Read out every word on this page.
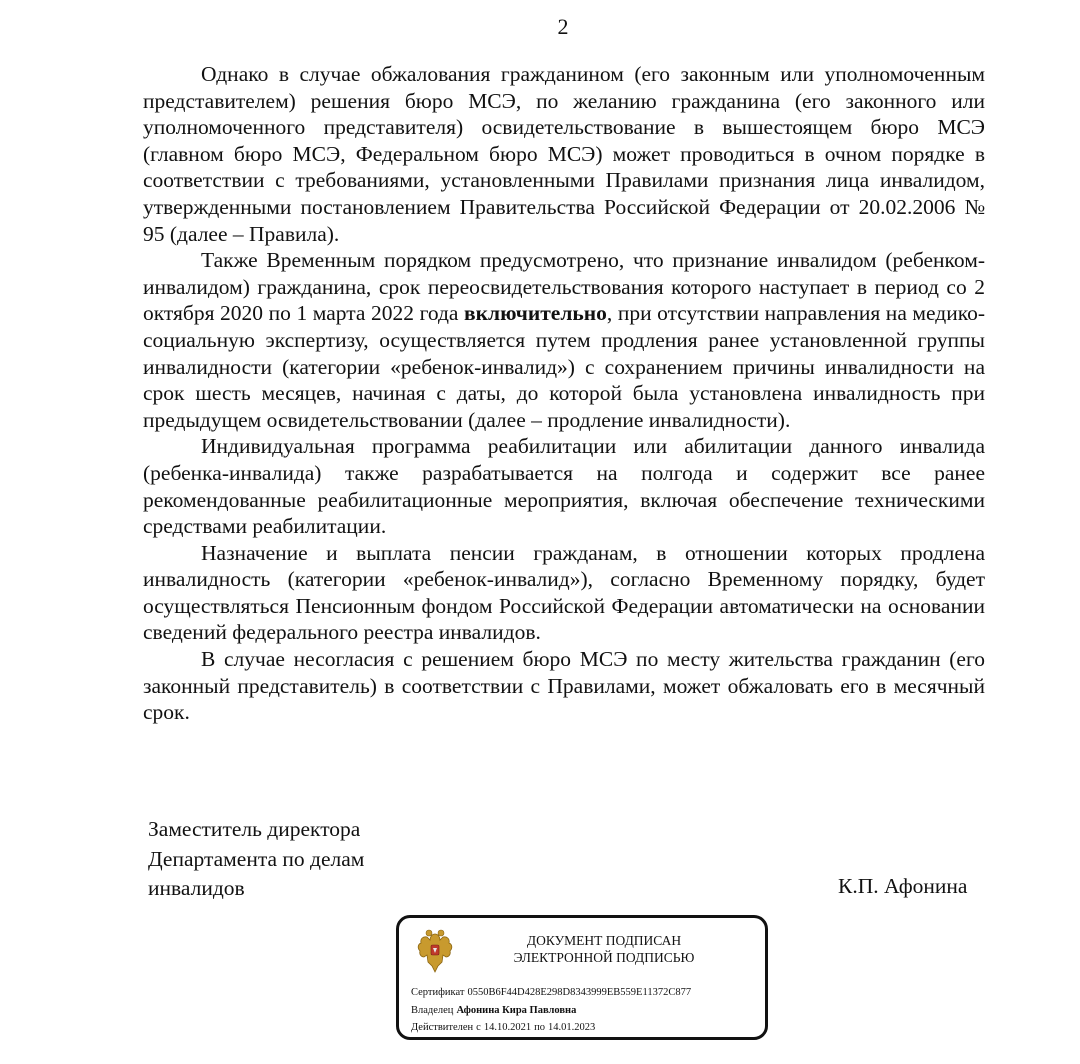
2

Однако в случае обжалования гражданином (его законным или уполномоченным представителем) решения бюро МСЭ, по желанию гражданина (его законного или уполномоченного представителя) освидетельствование в вышестоящем бюро МСЭ (главном бюро МСЭ, Федеральном бюро МСЭ) может проводиться в очном порядке в соответствии с требованиями, установленными Правилами признания лица инвалидом, утвержденными постановлением Правительства Российской Федерации от 20.02.2006 № 95 (далее – Правила).

Также Временным порядком предусмотрено, что признание инвалидом (ребенком-инвалидом) гражданина, срок переосвидетельствования которого наступает в период со 2 октября 2020 по 1 марта 2022 года включительно, при отсутствии направления на медико-социальную экспертизу, осуществляется путем продления ранее установленной группы инвалидности (категории «ребенок-инвалид») с сохранением причины инвалидности на срок шесть месяцев, начиная с даты, до которой была установлена инвалидность при предыдущем освидетельствовании (далее – продление инвалидности).

Индивидуальная программа реабилитации или абилитации данного инвалида (ребенка-инвалида) также разрабатывается на полгода и содержит все ранее рекомендованные реабилитационные мероприятия, включая обеспечение техническими средствами реабилитации.

Назначение и выплата пенсии гражданам, в отношении которых продлена инвалидность (категории «ребенок-инвалид»), согласно Временному порядку, будет осуществляться Пенсионным фондом Российской Федерации автоматически на основании сведений федерального реестра инвалидов.

В случае несогласия с решением бюро МСЭ по месту жительства гражданин (его законный представитель) в соответствии с Правилами, может обжаловать его в месячный срок.

Заместитель директора
Департамента по делам
инвалидов	К.П. Афонина
ДОКУМЕНТ ПОДПИСАН
ЭЛЕКТРОННОЙ ПОДПИСЬЮ
Сертификат 0550B6F44D428E298D8343999EB559E11372C877
Владелец Афонина Кира Павловна
Действителен с 14.10.2021 по 14.01.2023
